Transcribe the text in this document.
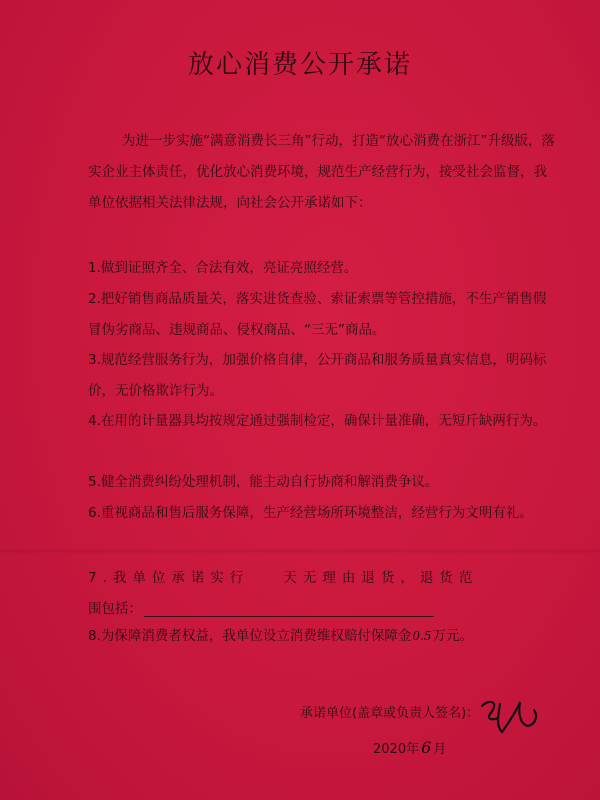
放心消费公开承诺
为进一步实施“满意消费长三角”行动，打造“放心消费在浙江”升级版，落实企业主体责任，优化放心消费环境，规范生产经营行为，接受社会监督，我单位依据相关法律法规，向社会公开承诺如下：
1.做到证照齐全、合法有效，亮证亮照经营。
2.把好销售商品质量关，落实进货查验、索证索票等管控措施，不生产销售假冒伪劣商品、违规商品、侵权商品、“三无”商品。
3.规范经营服务行为，加强价格自律，公开商品和服务质量真实信息，明码标价，无价格欺诈行为。
4.在用的计量器具均按规定通过强制检定，确保计量准确，无短斤缺两行为。
5.健全消费纠纷处理机制，能主动自行协商和解消费争议。
6.重视商品和售后服务保障，生产经营场所环境整洁，经营行为文明有礼。
7.我单位承诺实行	天无理由退货，退货范
围包括：
8.为保障消费者权益，我单位设立消费维权赔付保障金0.5万元。
承诺单位(盖章或负责人签名)：
2020年 6 月
